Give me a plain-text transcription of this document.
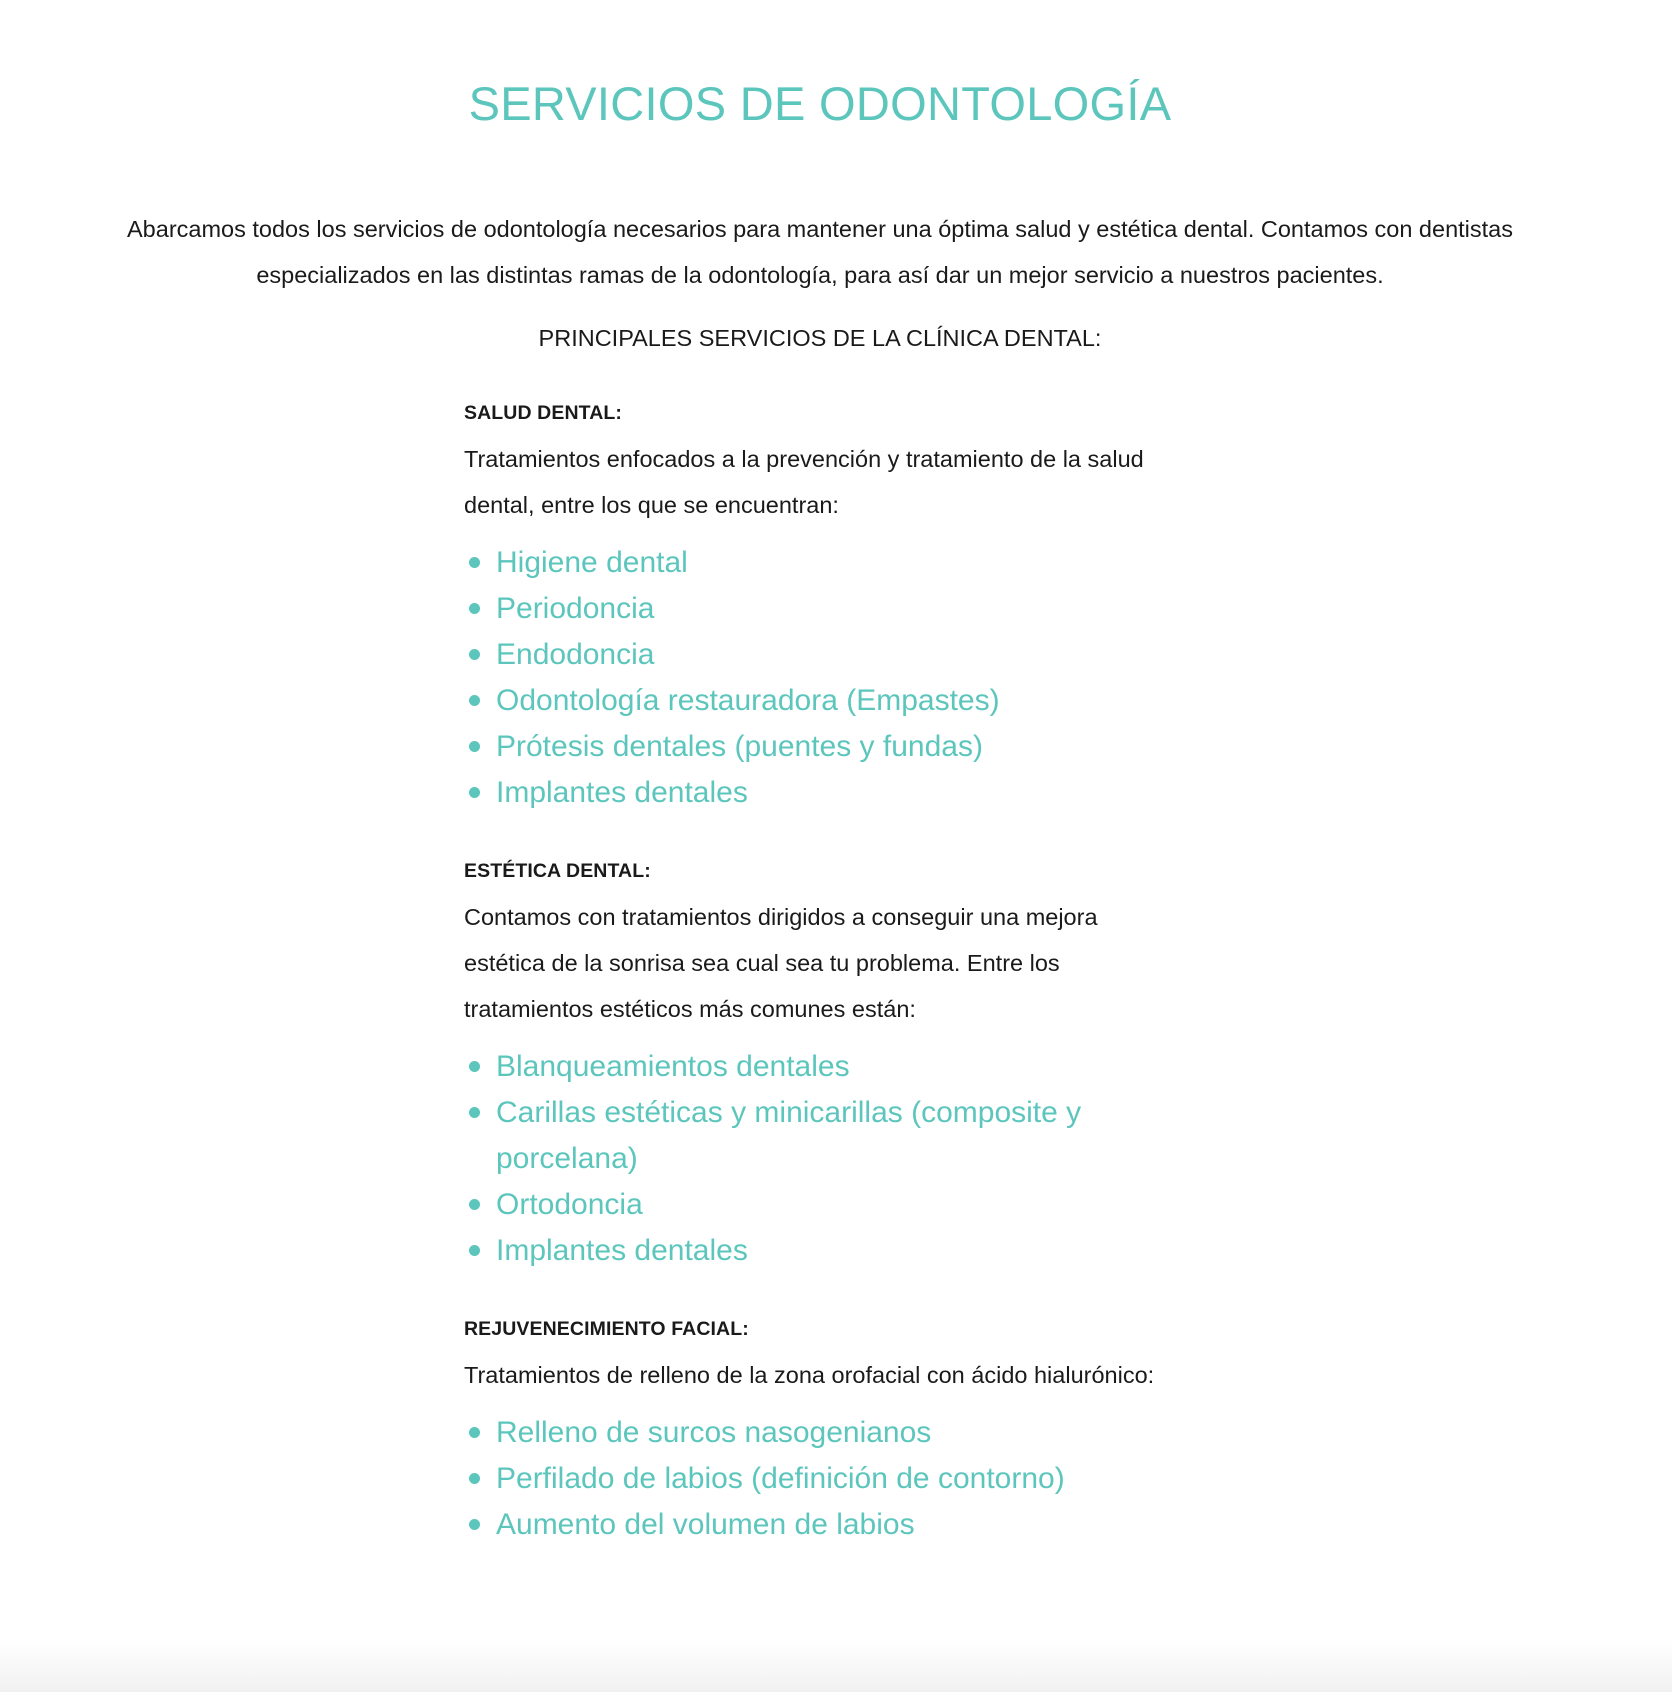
SERVICIOS DE ODONTOLOGÍA

Abarcamos todos los servicios de odontología necesarios para mantener una óptima salud y estética dental. Contamos con dentistas especializados en las distintas ramas de la odontología, para así dar un mejor servicio a nuestros pacientes.

PRINCIPALES SERVICIOS DE LA CLÍNICA DENTAL:

SALUD DENTAL:

Tratamientos enfocados a la prevención y tratamiento de la salud dental, entre los que se encuentran:

Higiene dental
Periodoncia
Endodoncia
Odontología restauradora (Empastes)
Prótesis dentales (puentes y fundas)
Implantes dentales
ESTÉTICA DENTAL:

Contamos con tratamientos dirigidos a conseguir una mejora estética de la sonrisa sea cual sea tu problema. Entre los tratamientos estéticos más comunes están:

Blanqueamientos dentales
Carillas estéticas y minicarillas (composite y porcelana)
Ortodoncia
Implantes dentales
REJUVENECIMIENTO FACIAL:

Tratamientos de relleno de la zona orofacial con ácido hialurónico:

Relleno de surcos nasogenianos
Perfilado de labios (definición de contorno)
Aumento del volumen de labios
